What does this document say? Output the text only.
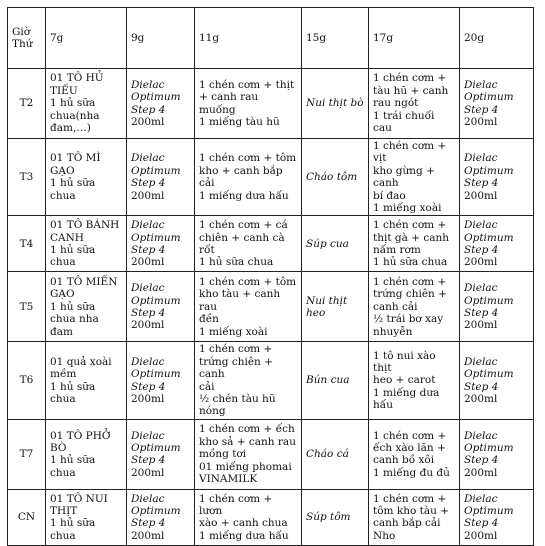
Giờ
Thứ	7g	9g	11g	15g	17g	20g
T2	01 TÔ HỦ
TIẾU
1 hủ sữa
chua(nha
đam,…)	Dielac
Optimum
Step 4
200ml	1 chén cơm + thịt
+ canh rau muống
1 miếng tàu hũ	Nui thịt bò	1 chén cơm +
tàu hũ + canh
rau ngót
1 trái chuối cau	Dielac
Optimum
Step 4
200ml
T3	01 TÔ MÌ
GẠO
1 hủ sữa
chua	Dielac
Optimum
Step 4
200ml	1 chén cơm + tôm
kho + canh bắp cải
1 miếng dưa hấu	Cháo tôm	1 chén cơm + vịt
kho gừng + canh
bí đao
1 miếng xoài	Dielac
Optimum
Step 4
200ml
T4	01 TÔ BÁNH
CANH
1 hủ sữa
chua	Dielac
Optimum
Step 4
200ml	1 chén cơm + cá
chiên + canh cà rốt
1 hủ sữa chua	Súp cua	1 chén cơm +
thịt gà + canh
nấm rơm
1 hủ sữa chua	Dielac
Optimum
Step 4
200ml
T5	01 TÔ MIẾN
GẠO
1 hủ sữa
chua nha
đam	Dielac
Optimum
Step 4
200ml	1 chén cơm + tôm
kho tàu + canh rau
đền
1 miếng xoài	Nui thịt
heo	1 chén cơm +
trứng chiên +
canh cải
½ trái bơ xay
nhuyễn	Dielac
Optimum
Step 4
200ml
T6	01 quả xoài
mềm
1 hủ sữa
chua	Dielac
Optimum
Step 4
200ml	1 chén cơm +
trứng chiên + canh
cải
½ chén tàu hũ
nóng	Bún cua	1 tô nui xào thịt
heo + carot
1 miếng dưa
hấu	Dielac
Optimum
Step 4
200ml
T7	01 TÔ PHỞ
BÒ
1 hủ sữa
chua	Dielac
Optimum
Step 4
200ml	1 chén cơm + ếch
kho sả + canh rau
mồng tơi
01 miếng phomai
VINAMILK	Cháo cá	1 chén cơm +
ếch xào lăn +
canh bồ xôi
1 miếng đu đủ	Dielac
Optimum
Step 4
200ml
CN	01 TÔ NUI
THỊT
1 hủ sữa
chua	Dielac
Optimum
Step 4
200ml	1 chén cơm + lươn
xào + canh chua
1 miếng dưa hấu	Súp tôm	1 chén cơm +
tôm kho tàu +
canh bắp cải
Nho	Dielac
Optimum
Step 4
200ml
